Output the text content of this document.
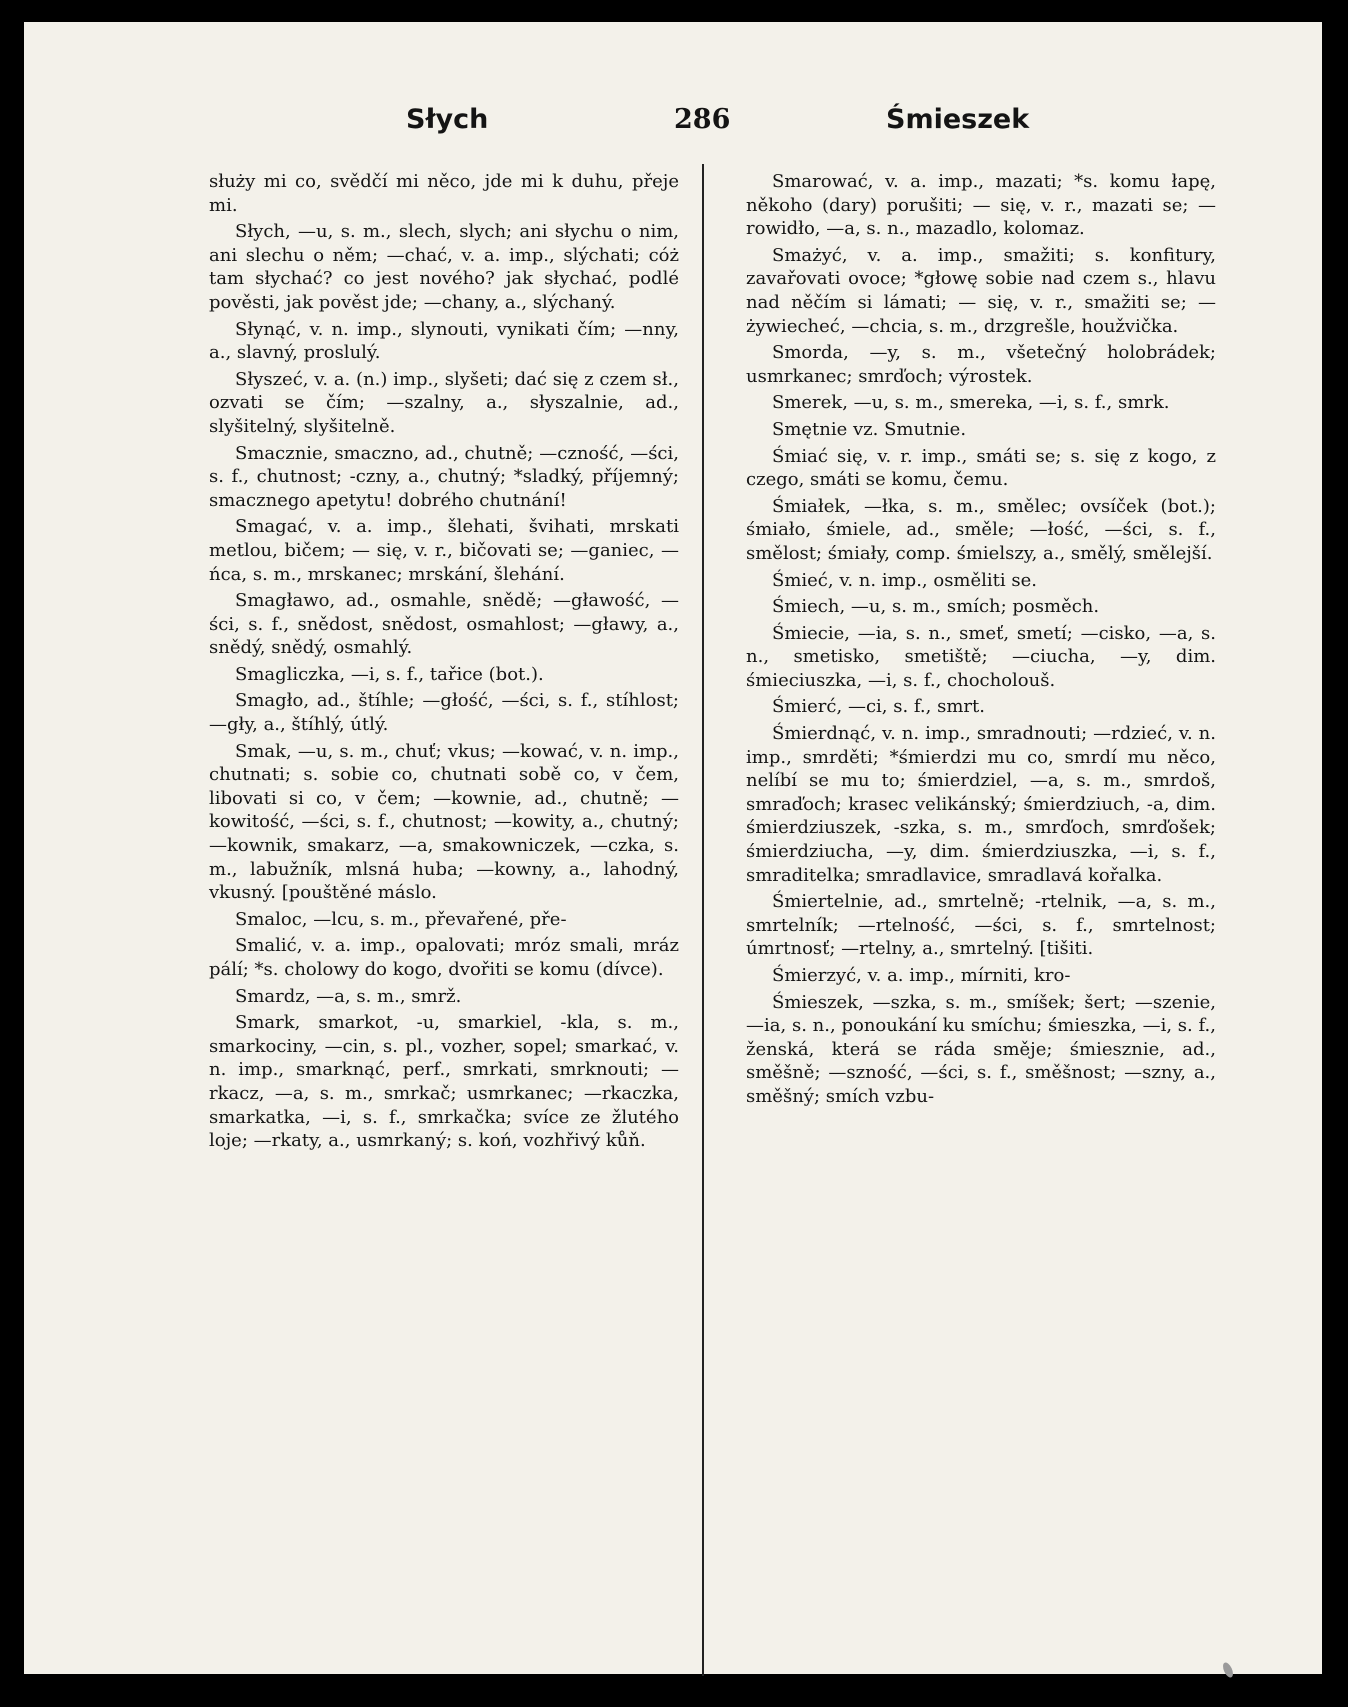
Słych	286	Śmieszek

służy mi co, svědčí mi něco, jde mi k duhu, přeje mi.

Słych, —u, s. m., slech, slych; ani słychu o nim, ani slechu o něm; —chać, v. a. imp., slýchati; cóż tam słychać? co jest nového? jak słychać, podlé pověsti, jak pověst jde; —chany, a., slýchaný.

Słynąć, v. n. imp., slynouti, vynikati čím; —nny, a., slavný, proslulý.

Słyszeć, v. a. (n.) imp., slyšeti; dać się z czem sł., ozvati se čím; —szalny, a., słyszalnie, ad., slyšitelný, slyšitelně.

Smacznie, smaczno, ad., chutně; —czność, —ści, s. f., chutnost; -czny, a., chutný; *sladký, příjemný; smacznego apetytu! dobrého chutnání!

Smagać, v. a. imp., šlehati, švihati, mrskati metlou, bičem; — się, v. r., bičovati se; —ganiec, —ńca, s. m., mrskanec; mrskání, šlehání.

Smagławo, ad., osmahle, snědě; —gławość, —ści, s. f., snědost, snědost, osmahlost; —gławy, a., snědý, snědý, osmahlý.

Smagliczka, —i, s. f., tařice (bot.).

Smagło, ad., štíhle; —głość, —ści, s. f., stíhlost; —gły, a., štíhlý, útlý.

Smak, —u, s. m., chuť; vkus; —kować, v. n. imp., chutnati; s. sobie co, chutnati sobě co, v čem, libovati si co, v čem; —kownie, ad., chutně; —kowitość, —ści, s. f., chutnost; —kowity, a., chutný; —kownik, smakarz, —a, smakowniczek, —czka, s. m., labužník, mlsná huba; —kowny, a., lahodný, vkusný. [pouštěné máslo.

Smaloc, —lcu, s. m., převařené, pře-

Smalić, v. a. imp., opalovati; mróz smali, mráz pálí; *s. cholowy do kogo, dvořiti se komu (dívce).

Smardz, —a, s. m., smrž.

Smark, smarkot, -u, smarkiel, -kla, s. m., smarkociny, —cin, s. pl., vozher, sopel; smarkać, v. n. imp., smarknąć, perf., smrkati, smrknouti; —rkacz, —a, s. m., smrkač; usmrkanec; —rkaczka, smarkatka, —i, s. f., smrkačka; svíce ze žlutého loje; —rkaty, a., usmrkaný; s. koń, vozhřivý kůň.

Smarować, v. a. imp., mazati; *s. komu łapę, někoho (dary) porušiti; — się, v. r., mazati se; —rowidło, —a, s. n., mazadlo, kolomaz.

Smażyć, v. a. imp., smažiti; s. konfitury, zavařovati ovoce; *głowę sobie nad czem s., hlavu nad něčím si lámati; — się, v. r., smažiti se; —żywiecheć, —chcia, s. m., drzgrešle, houžvička.

Smorda, —y, s. m., všetečný holobrádek; usmrkanec; smrďoch; výrostek.

Smerek, —u, s. m., smereka, —i, s. f., smrk.

Smętnie vz. Smutnie.

Śmiać się, v. r. imp., smáti se; s. się z kogo, z czego, smáti se komu, čemu.

Śmiałek, —łka, s. m., smělec; ovsíček (bot.); śmiało, śmiele, ad., směle; —łość, —ści, s. f., smělost; śmiały, comp. śmielszy, a., smělý, smělejší.

Śmieć, v. n. imp., osměliti se.

Śmiech, —u, s. m., smích; posměch.

Śmiecie, —ia, s. n., smeť, smetí; —cisko, —a, s. n., smetisko, smetiště; —ciucha, —y, dim. śmieciuszka, —i, s. f., chocholouš.

Śmierć, —ci, s. f., smrt.

Śmierdnąć, v. n. imp., smradnouti; —rdzieć, v. n. imp., smrděti; *śmierdzi mu co, smrdí mu něco, nelíbí se mu to; śmierdziel, —a, s. m., smrdoš, smraďoch; krasec velikánský; śmierdziuch, -a, dim. śmierdziuszek, -szka, s. m., smrďoch, smrďošek; śmierdziucha, —y, dim. śmierdziuszka, —i, s. f., smraditelka; smradlavice, smradlavá kořalka.

Śmiertelnie, ad., smrtelně; -rtelnik, —a, s. m., smrtelník; —rtelność, —ści, s. f., smrtelnost; úmrtnosť; —rtelny, a., smrtelný. [tišiti.

Śmierzyć, v. a. imp., mírniti, kro-

Śmieszek, —szka, s. m., smíšek; šert; —szenie, —ia, s. n., ponoukání ku smíchu; śmieszka, —i, s. f., ženská, která se ráda směje; śmiesznie, ad., směšně; —szność, —ści, s. f., směšnost; —szny, a., směšný; smích vzbu-
